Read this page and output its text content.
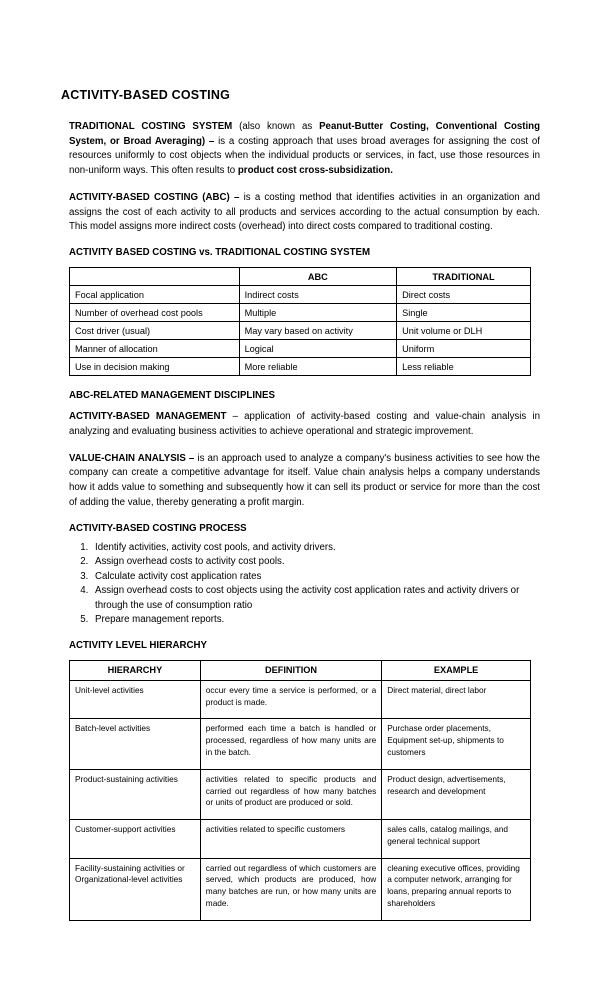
ACTIVITY-BASED COSTING

TRADITIONAL COSTING SYSTEM (also known as Peanut-Butter Costing, Conventional Costing System, or Broad Averaging) – is a costing approach that uses broad averages for assigning the cost of resources uniformly to cost objects when the individual products or services, in fact, use those resources in non-uniform ways. This often results to product cost cross-subsidization.

ACTIVITY-BASED COSTING (ABC) – is a costing method that identifies activities in an organization and assigns the cost of each activity to all products and services according to the actual consumption by each. This model assigns more indirect costs (overhead) into direct costs compared to traditional costing.

ACTIVITY BASED COSTING vs. TRADITIONAL COSTING SYSTEM
	ABC	TRADITIONAL
Focal application	Indirect costs	Direct costs
Number of overhead cost pools	Multiple	Single
Cost driver (usual)	May vary based on activity	Unit volume or DLH
Manner of allocation	Logical	Uniform
Use in decision making	More reliable	Less reliable
ABC-RELATED MANAGEMENT DISCIPLINES

ACTIVITY-BASED MANAGEMENT – application of activity-based costing and value-chain analysis in analyzing and evaluating business activities to achieve operational and strategic improvement.

VALUE-CHAIN ANALYSIS – is an approach used to analyze a company's business activities to see how the company can create a competitive advantage for itself. Value chain analysis helps a company understands how it adds value to something and subsequently how it can sell its product or service for more than the cost of adding the value, thereby generating a profit margin.

ACTIVITY-BASED COSTING PROCESS
1. Identify activities, activity cost pools, and activity drivers.
2. Assign overhead costs to activity cost pools.
3. Calculate activity cost application rates
4. Assign overhead costs to cost objects using the activity cost application rates and activity drivers or through the use of consumption ratio
5. Prepare management reports.
ACTIVITY LEVEL HIERARCHY
HIERARCHY	DEFINITION	EXAMPLE
Unit-level activities	occur every time a service is performed, or a product is made.	Direct material, direct labor
Batch-level activities	performed each time a batch is handled or processed, regardless of how many units are in the batch.	Purchase order placements, Equipment set-up, shipments to customers
Product-sustaining activities	activities related to specific products and carried out regardless of how many batches or units of product are produced or sold.	Product design, advertisements, research and development
Customer-support activities	activities related to specific customers	sales calls, catalog mailings, and general technical support
Facility-sustaining activities or Organizational-level activities	carried out regardless of which customers are served, which products are produced, how many batches are run, or how many units are made.	cleaning executive offices, providing a computer network, arranging for loans, preparing annual reports to shareholders
